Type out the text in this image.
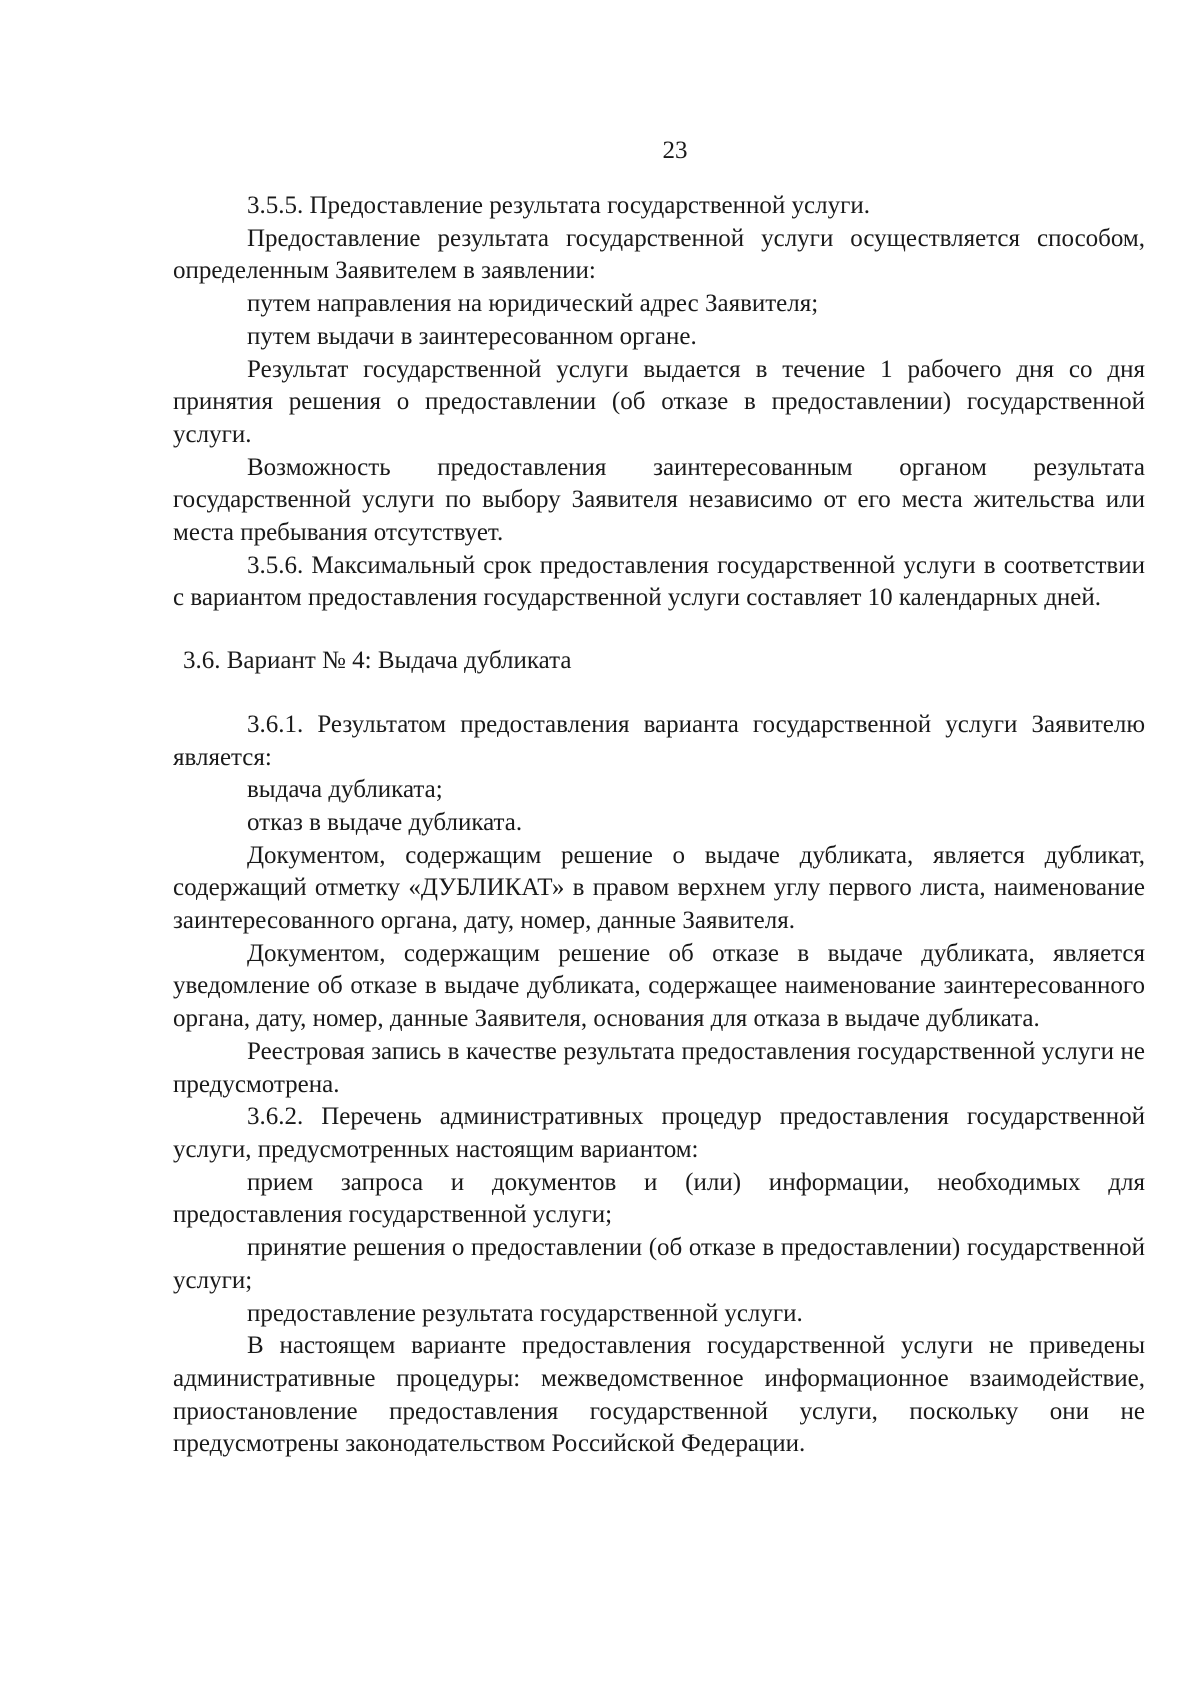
23

3.5.5. Предоставление результата государственной услуги.

Предоставление результата государственной услуги осуществляется способом, определенным Заявителем в заявлении:

путем направления на юридический адрес Заявителя;

путем выдачи в заинтересованном органе.

Результат государственной услуги выдается в течение 1 рабочего дня со дня принятия решения о предоставлении (об отказе в предоставлении) государственной услуги.

Возможность предоставления заинтересованным органом результата государственной услуги по выбору Заявителя независимо от его места жительства или места пребывания отсутствует.

3.5.6. Максимальный срок предоставления государственной услуги в соответствии с вариантом предоставления государственной услуги составляет 10 календарных дней.

3.6. Вариант № 4: Выдача дубликата

3.6.1. Результатом предоставления варианта государственной услуги Заявителю является:

выдача дубликата;

отказ в выдаче дубликата.

Документом, содержащим решение о выдаче дубликата, является дубликат, содержащий отметку «ДУБЛИКАТ» в правом верхнем углу первого листа, наименование заинтересованного органа, дату, номер, данные Заявителя.

Документом, содержащим решение об отказе в выдаче дубликата, является уведомление об отказе в выдаче дубликата, содержащее наименование заинтересованного органа, дату, номер, данные Заявителя, основания для отказа в выдаче дубликата.

Реестровая запись в качестве результата предоставления государственной услуги не предусмотрена.

3.6.2. Перечень административных процедур предоставления государственной услуги, предусмотренных настоящим вариантом:

прием запроса и документов и (или) информации, необходимых для предоставления государственной услуги;

принятие решения о предоставлении (об отказе в предоставлении) государственной услуги;

предоставление результата государственной услуги.

В настоящем варианте предоставления государственной услуги не приведены административные процедуры: межведомственное информационное взаимодействие, приостановление предоставления государственной услуги, поскольку они не предусмотрены законодательством Российской Федерации.
